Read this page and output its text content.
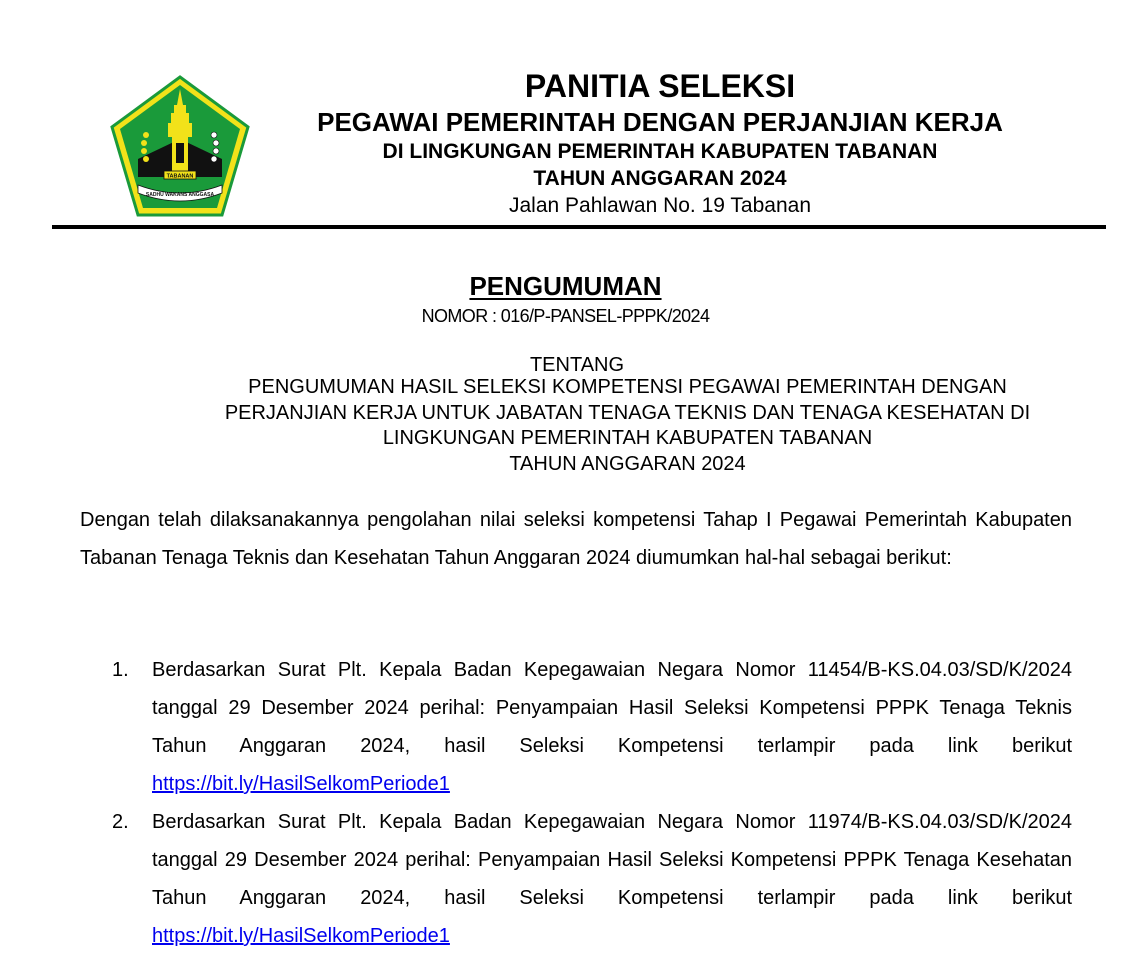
TABANAN
SADHU WAKANS ANGGASA
PANITIA SELEKSI
PEGAWAI PEMERINTAH DENGAN PERJANJIAN KERJA
DI LINGKUNGAN PEMERINTAH KABUPATEN TABANAN
TAHUN ANGGARAN 2024
Jalan Pahlawan No. 19 Tabanan
PENGUMUMAN
NOMOR : 016/P-PANSEL-PPPK/2024
TENTANG
PENGUMUMAN HASIL SELEKSI KOMPETENSI PEGAWAI PEMERINTAH DENGAN
PERJANJIAN KERJA UNTUK JABATAN TENAGA TEKNIS DAN TENAGA KESEHATAN DI
LINGKUNGAN PEMERINTAH KABUPATEN TABANAN
TAHUN ANGGARAN 2024

Dengan telah dilaksanakannya pengolahan nilai seleksi kompetensi Tahap I Pegawai Pemerintah Kabupaten Tabanan Tenaga Teknis dan Kesehatan Tahun Anggaran 2024 diumumkan hal-hal sebagai berikut:

1. Berdasarkan Surat Plt. Kepala Badan Kepegawaian Negara Nomor 11454/B-KS.04.03/SD/K/2024 tanggal 29 Desember 2024 perihal: Penyampaian Hasil Seleksi Kompetensi PPPK Tenaga Teknis Tahun Anggaran 2024, hasil Seleksi Kompetensi terlampir pada link berikut https://bit.ly/HasilSelkomPeriode1
2. Berdasarkan Surat Plt. Kepala Badan Kepegawaian Negara Nomor 11974/B-KS.04.03/SD/K/2024 tanggal 29 Desember 2024 perihal: Penyampaian Hasil Seleksi Kompetensi PPPK Tenaga Kesehatan Tahun Anggaran 2024, hasil Seleksi Kompetensi terlampir pada link berikut https://bit.ly/HasilSelkomPeriode1
